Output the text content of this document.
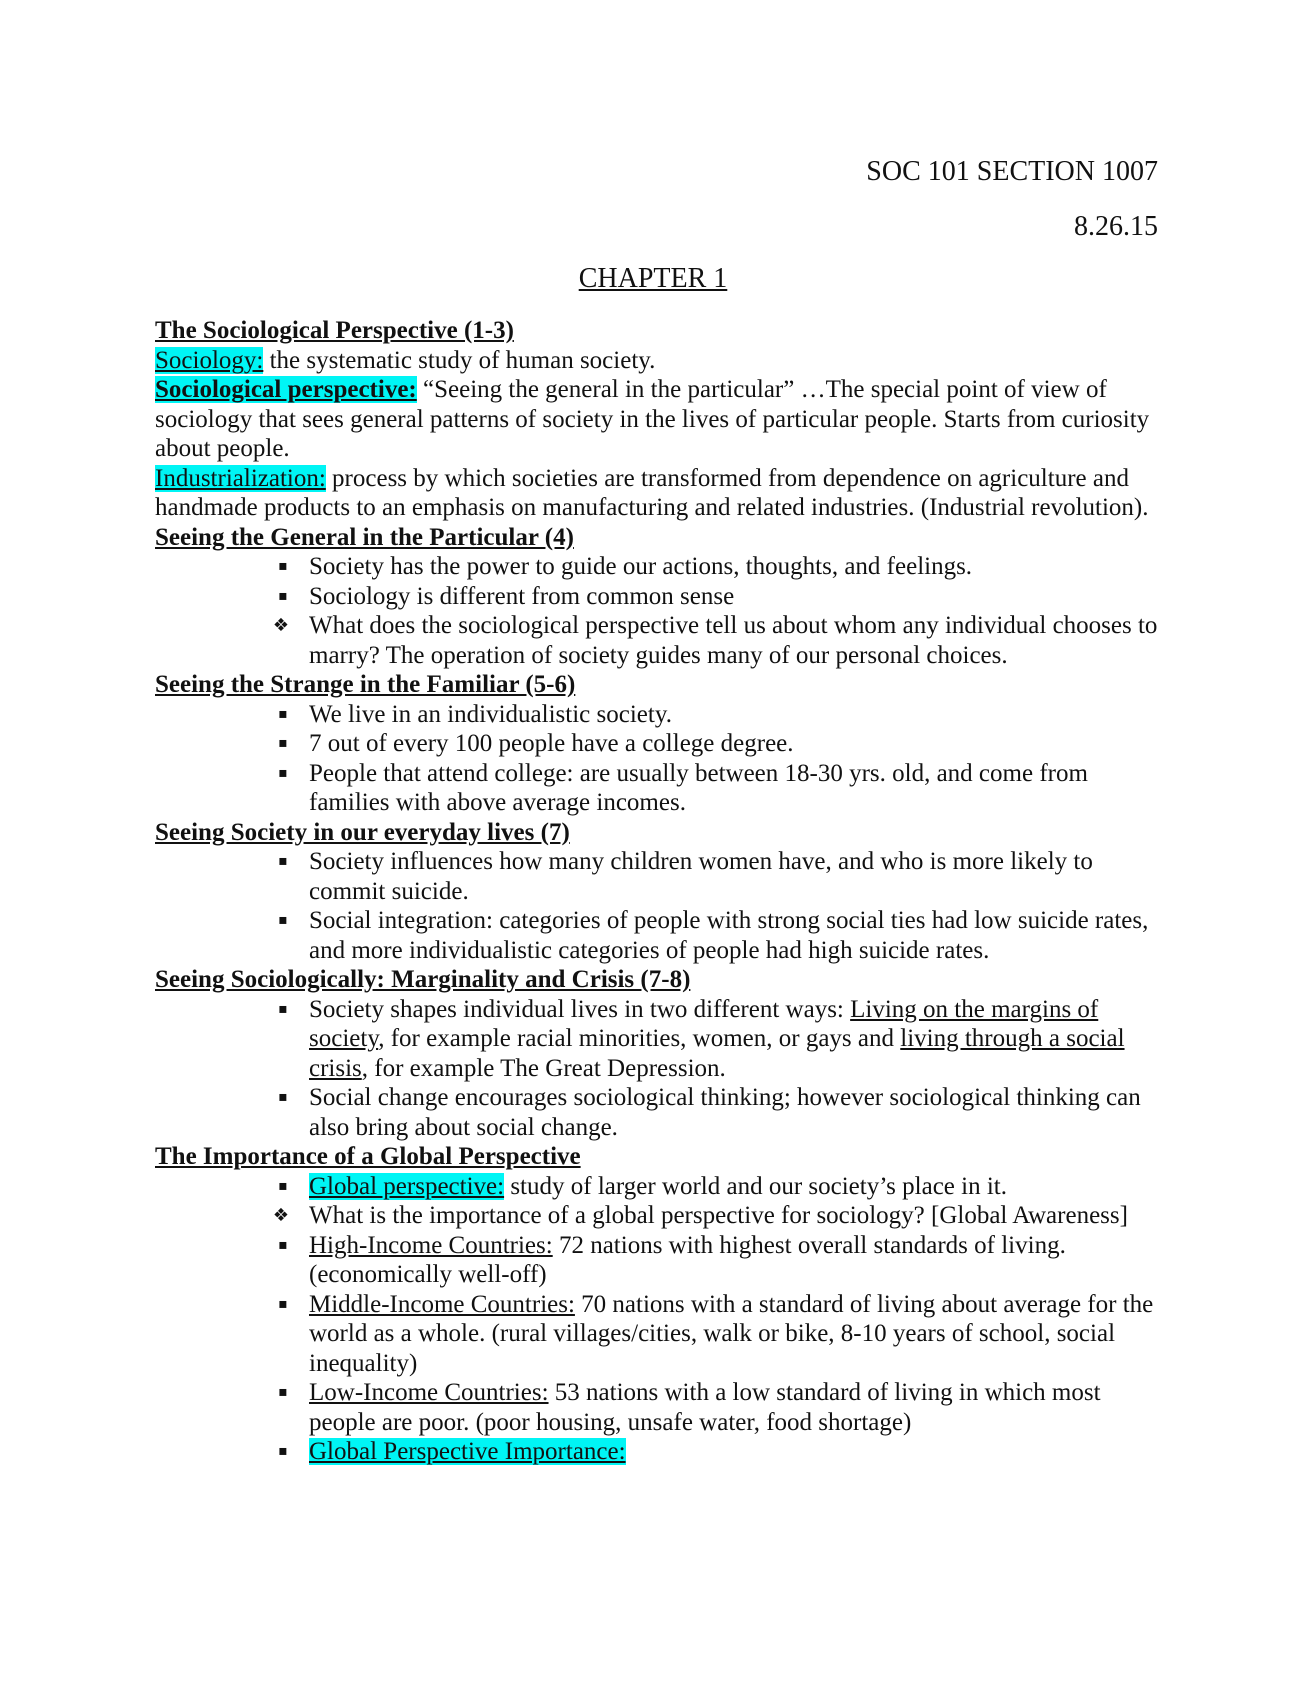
SOC 101 SECTION 1007
8.26.15
CHAPTER 1
The Sociological Perspective (1-3)

Sociology: the systematic study of human society.

Sociological perspective: “Seeing the general in the particular” …The special point of view of sociology that sees general patterns of society in the lives of particular people. Starts from curiosity about people.

Industrialization: process by which societies are transformed from dependence on agriculture and handmade products to an emphasis on manufacturing and related industries. (Industrial revolution).

Seeing the General in the Particular (4)
▪ Society has the power to guide our actions, thoughts, and feelings.
▪ Sociology is different from common sense
❖ What does the sociological perspective tell us about whom any individual chooses to marry? The operation of society guides many of our personal choices.
Seeing the Strange in the Familiar (5-6)
▪ We live in an individualistic society.
▪ 7 out of every 100 people have a college degree.
▪ People that attend college: are usually between 18-30 yrs. old, and come from families with above average incomes.
Seeing Society in our everyday lives (7)
▪ Society influences how many children women have, and who is more likely to commit suicide.
▪ Social integration: categories of people with strong social ties had low suicide rates, and more individualistic categories of people had high suicide rates.
Seeing Sociologically: Marginality and Crisis (7-8)
▪ Society shapes individual lives in two different ways: Living on the margins of society, for example racial minorities, women, or gays and living through a social crisis, for example The Great Depression.
▪ Social change encourages sociological thinking; however sociological thinking can also bring about social change.
The Importance of a Global Perspective
▪ Global perspective: study of larger world and our society’s place in it.
❖ What is the importance of a global perspective for sociology? [Global Awareness]
▪ High-Income Countries: 72 nations with highest overall standards of living. (economically well-off)
▪ Middle-Income Countries: 70 nations with a standard of living about average for the world as a whole. (rural villages/cities, walk or bike, 8-10 years of school, social inequality)
▪ Low-Income Countries: 53 nations with a low standard of living in which most people are poor. (poor housing, unsafe water, food shortage)
▪ Global Perspective Importance:
